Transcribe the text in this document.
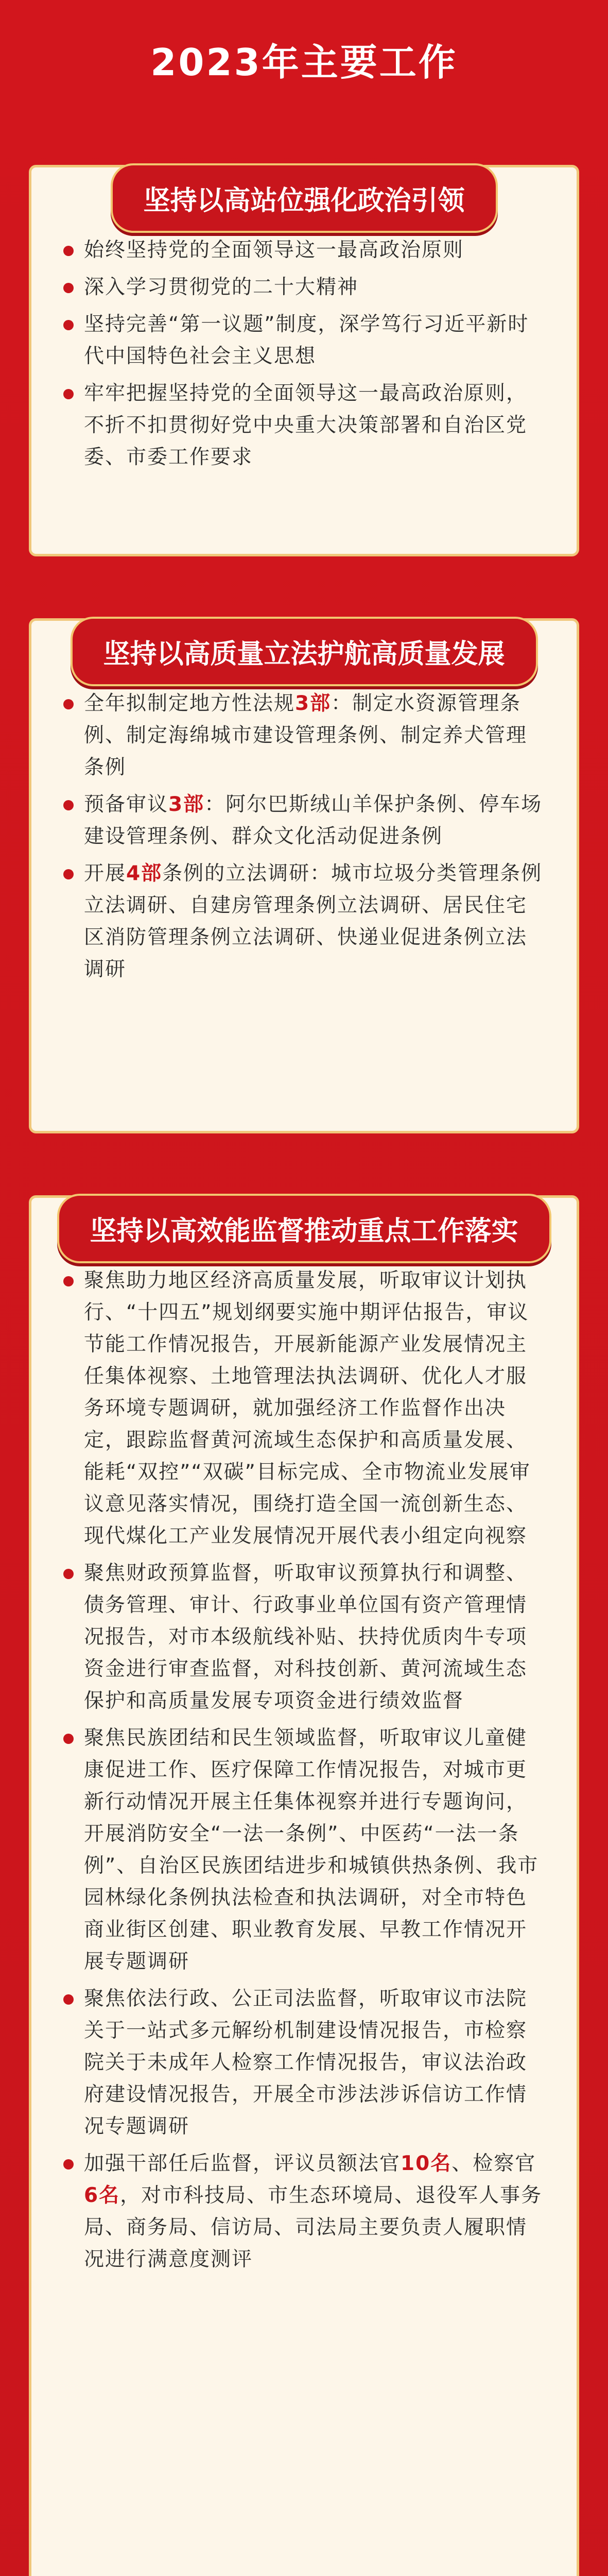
2023年主要工作
坚持以高站位强化政治引领
始终坚持党的全面领导这一最高政治原则
深入学习贯彻党的二十大精神
坚持完善“第一议题”制度，深学笃行习近平新时代中国特色社会主义思想
牢牢把握坚持党的全面领导这一最高政治原则，不折不扣贯彻好党中央重大决策部署和自治区党委、市委工作要求
坚持以高质量立法护航高质量发展
全年拟制定地方性法规3部：制定水资源管理条例、制定海绵城市建设管理条例、制定养犬管理条例
预备审议3部：阿尔巴斯绒山羊保护条例、停车场建设管理条例、群众文化活动促进条例
开展4部条例的立法调研：城市垃圾分类管理条例立法调研、自建房管理条例立法调研、居民住宅区消防管理条例立法调研、快递业促进条例立法调研
坚持以高效能监督推动重点工作落实
聚焦助力地区经济高质量发展，听取审议计划执行、“十四五”规划纲要实施中期评估报告，审议节能工作情况报告，开展新能源产业发展情况主任集体视察、土地管理法执法调研、优化人才服务环境专题调研，就加强经济工作监督作出决定，跟踪监督黄河流域生态保护和高质量发展、能耗“双控”“双碳”目标完成、全市物流业发展审议意见落实情况，围绕打造全国一流创新生态、现代煤化工产业发展情况开展代表小组定向视察
聚焦财政预算监督，听取审议预算执行和调整、债务管理、审计、行政事业单位国有资产管理情况报告，对市本级航线补贴、扶持优质肉牛专项资金进行审查监督，对科技创新、黄河流域生态保护和高质量发展专项资金进行绩效监督
聚焦民族团结和民生领域监督，听取审议儿童健康促进工作、医疗保障工作情况报告，对城市更新行动情况开展主任集体视察并进行专题询问，开展消防安全“一法一条例”、中医药“一法一条例”、自治区民族团结进步和城镇供热条例、我市园林绿化条例执法检查和执法调研，对全市特色商业街区创建、职业教育发展、早教工作情况开展专题调研
聚焦依法行政、公正司法监督，听取审议市法院关于一站式多元解纷机制建设情况报告，市检察院关于未成年人检察工作情况报告，审议法治政府建设情况报告，开展全市涉法涉诉信访工作情况专题调研
加强干部任后监督，评议员额法官10名、检察官6名，对市科技局、市生态环境局、退役军人事务局、商务局、信访局、司法局主要负责人履职情况进行满意度测评
